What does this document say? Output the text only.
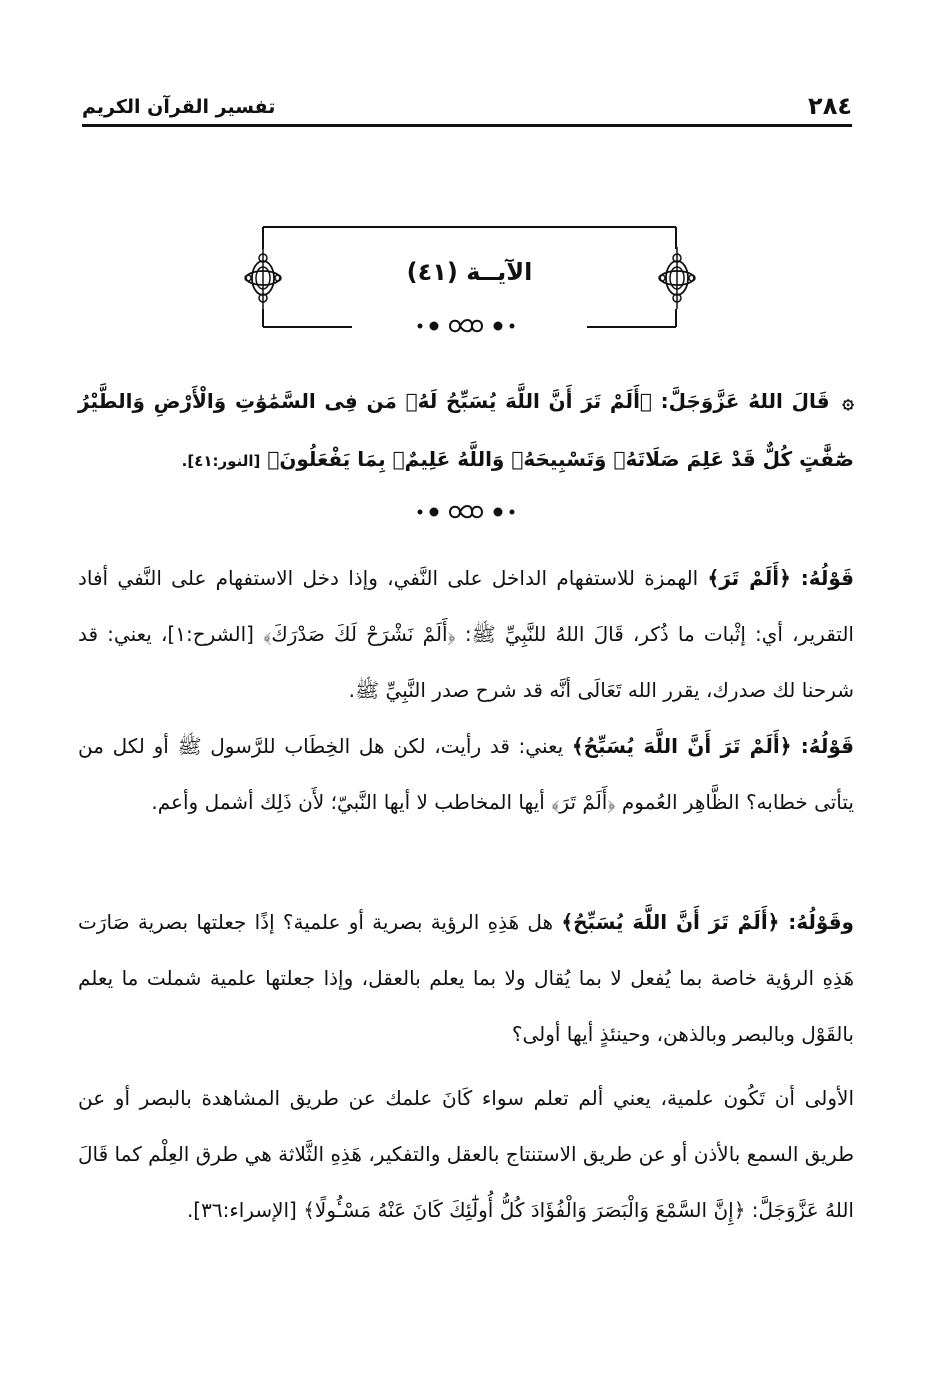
٢٨٤
تفسير القرآن الكريم
الآيــة (٤١)
۞ قَالَ اللهُ عَزَّوَجَلَّ: ﴿أَلَمْ تَرَ أَنَّ اللَّهَ يُسَبِّحُ لَهُۥ مَن فِى السَّمَٰوَٰتِ وَالْأَرْضِ وَالطَّيْرُ صَٰٓفَّٰتٍ كُلٌّ قَدْ عَلِمَ صَلَاتَهُۥ وَتَسْبِيحَهُۥ وَاللَّهُ عَلِيمٌۢ بِمَا يَفْعَلُونَ﴾ [النور:٤١].
قَوْلُهُ: ﴿أَلَمْ تَرَ﴾ الهمزة للاستفهام الداخل على النَّفي، وإذا دخل الاستفهام على النَّفي أفاد التقرير، أي: إثْبات ما ذُكر، قَالَ اللهُ للنَّبِيِّ ﷺ: ﴿أَلَمْ نَشْرَحْ لَكَ صَدْرَكَ﴾ [الشرح:١]، يعني: قد شرحنا لك صدرك، يقرر الله تَعَالَى أنَّه قد شرح صدر النَّبِيِّ ﷺ.
قَوْلُهُ: ﴿أَلَمْ تَرَ أَنَّ اللَّهَ يُسَبِّحُ﴾ يعني: قد رأيت، لكن هل الخِطَاب للرَّسول ﷺ أو لكل من يتأتى خطابه؟ الظَّاهِر العُموم ﴿أَلَمْ تَرَ﴾ أيها المخاطب لا أيها النَّبيّ؛ لأَن ذَلِك أشمل وأعم.
وقَوْلُهُ: ﴿أَلَمْ تَرَ أَنَّ اللَّهَ يُسَبِّحُ﴾ هل هَذِهِ الرؤية بصرية أو علمية؟ إذًا جعلتها بصرية صَارَت هَذِهِ الرؤية خاصة بما يُفعل لا بما يُقال ولا بما يعلم بالعقل، وإذا جعلتها علمية شملت ما يعلم بالقَوْل وبالبصر وبالذهن، وحينئذٍ أيها أولى؟
الأولى أن تَكُون علمية، يعني ألم تعلم سواء كَانَ علمك عن طريق المشاهدة بالبصر أو عن طريق السمع بالأذن أو عن طريق الاستنتاج بالعقل والتفكير، هَذِهِ الثَّلاثة هي طرق العِلْم كما قَالَ اللهُ عَزَّوَجَلَّ: ﴿إِنَّ السَّمْعَ وَالْبَصَرَ وَالْفُؤَادَ كُلُّ أُولَٰٓئِكَ كَانَ عَنْهُ مَسْـُٔولًا﴾ [الإسراء:٣٦].
